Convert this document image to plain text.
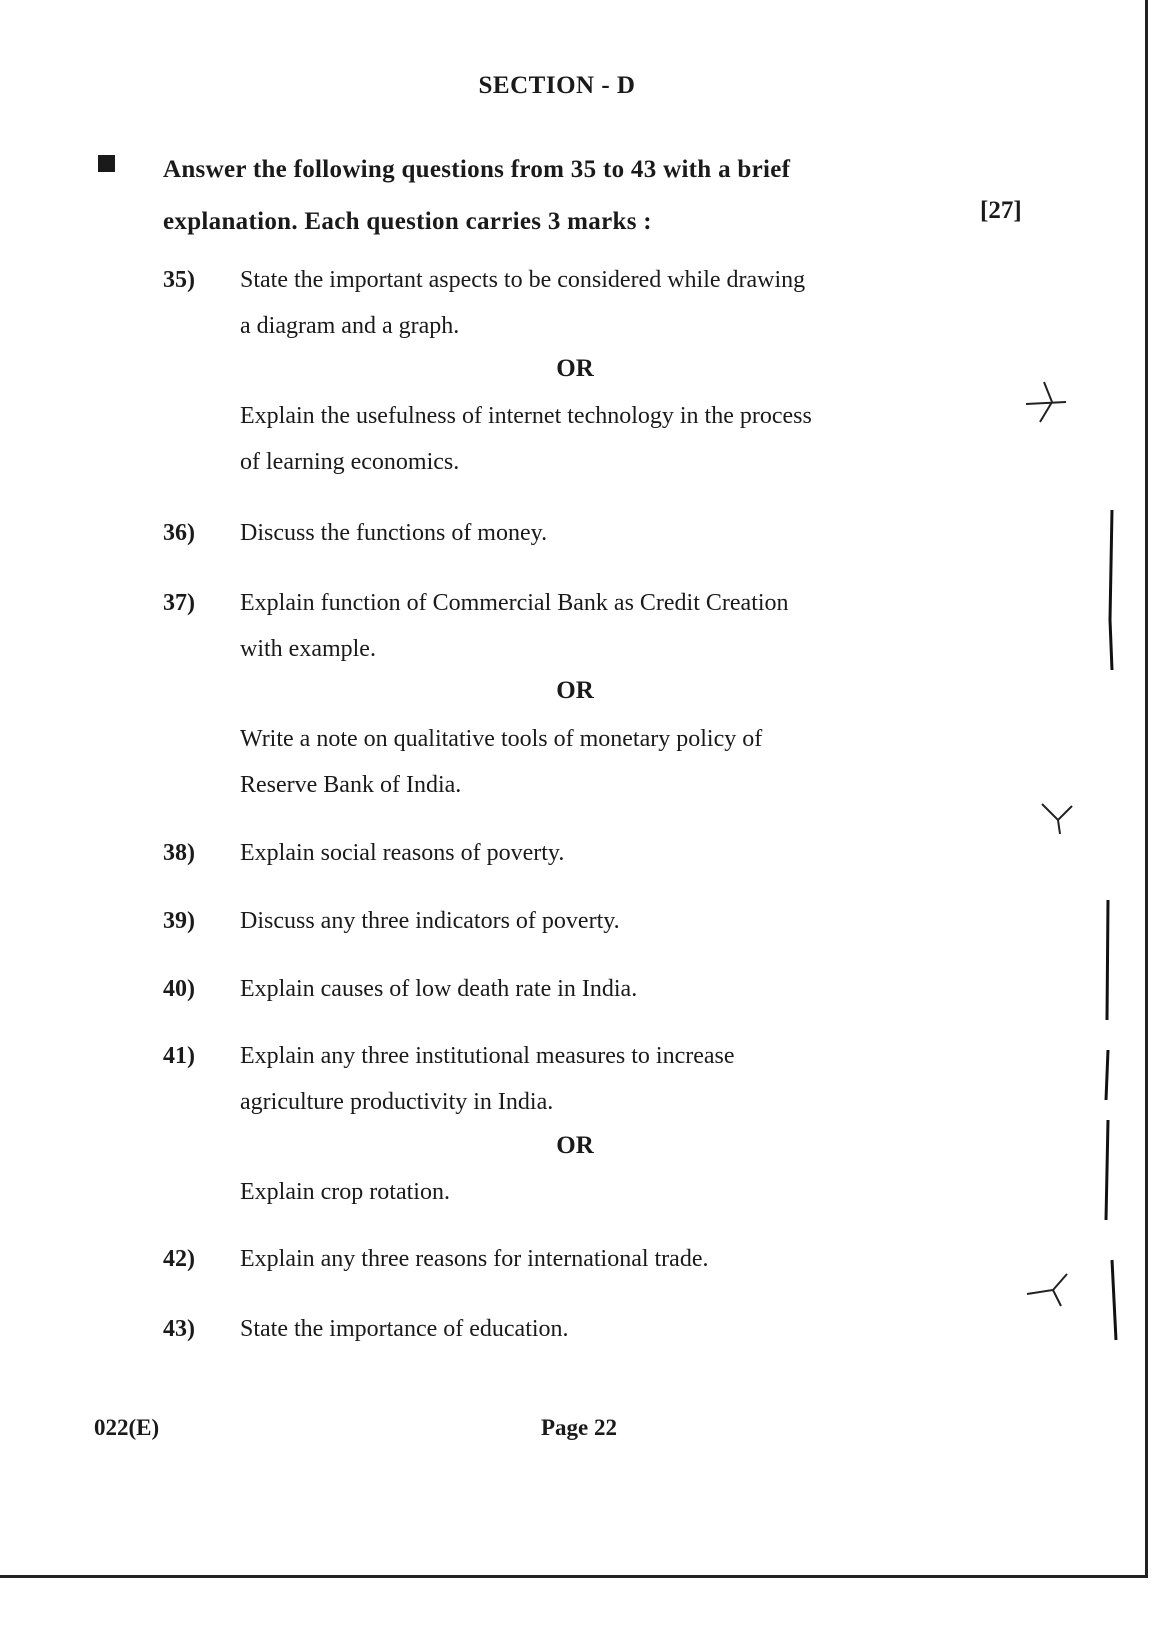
SECTION - D
Answer the following questions from 35 to 43 with a brief
explanation. Each question carries 3 marks :	[27]
35) State the important aspects to be considered while drawing
a diagram and a graph.
OR
Explain the usefulness of internet technology in the process
of learning economics.
36) Discuss the functions of money.
37) Explain function of Commercial Bank as Credit Creation
with example.
OR
Write a note on qualitative tools of monetary policy of
Reserve Bank of India.
38) Explain social reasons of poverty.
39) Discuss any three indicators of poverty.
40) Explain causes of low death rate in India.
41) Explain any three institutional measures to increase
agriculture productivity in India.
OR
Explain crop rotation.
42) Explain any three reasons for international trade.
43) State the importance of education.
022(E)	Page 22
